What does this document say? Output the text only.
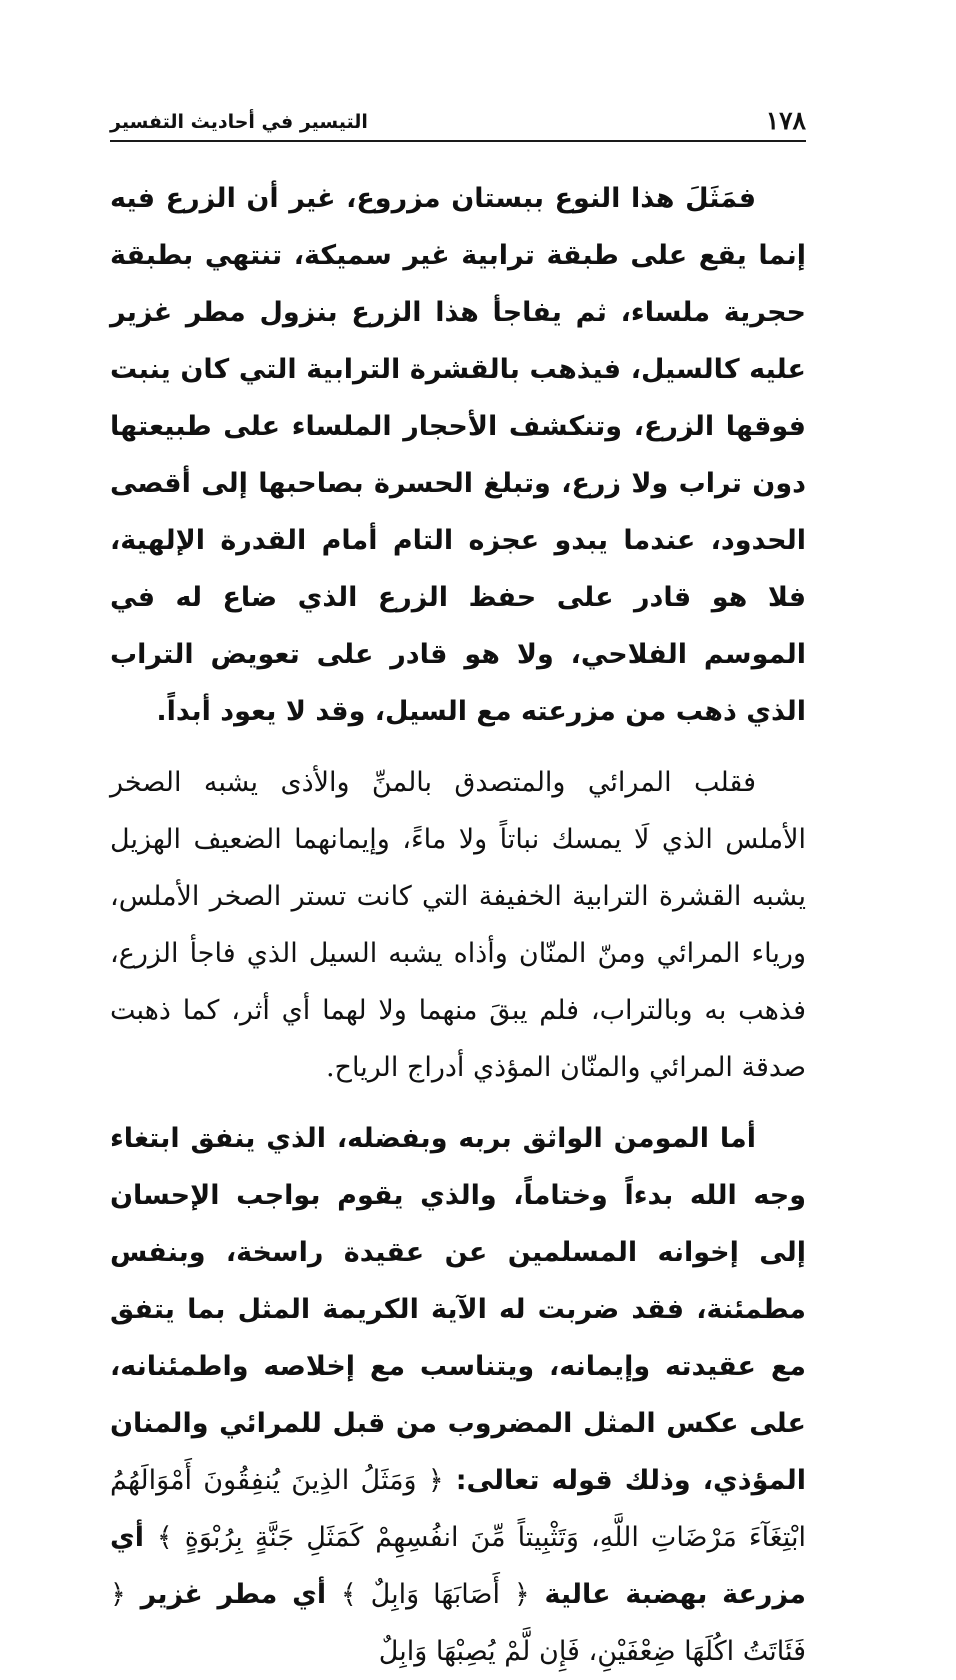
١٧٨
التيسير في أحاديث التفسير

فمَثَلَ هذا النوع ببستان مزروع، غير أن الزرع فيه إنما يقع على طبقة ترابية غير سميكة، تنتهي بطبقة حجرية ملساء، ثم يفاجأ هذا الزرع بنزول مطر غزير عليه كالسيل، فيذهب بالقشرة الترابية التي كان ينبت فوقها الزرع، وتنكشف الأحجار الملساء على طبيعتها دون تراب ولا زرع، وتبلغ الحسرة بصاحبها إلى أقصى الحدود، عندما يبدو عجزه التام أمام القدرة الإلهية، فلا هو قادر على حفظ الزرع الذي ضاع له في الموسم الفلاحي، ولا هو قادر على تعويض التراب الذي ذهب من مزرعته مع السيل، وقد لا يعود أبداً.

فقلب المرائي والمتصدق بالمنِّ والأذى يشبه الصخر الأملس الذي لَا يمسك نباتاً ولا ماءً، وإيمانهما الضعيف الهزيل يشبه القشرة الترابية الخفيفة التي كانت تستر الصخر الأملس، ورياء المرائي ومنّ المنّان وأذاه يشبه السيل الذي فاجأ الزرع، فذهب به وبالتراب، فلم يبقَ منهما ولا لهما أي أثر، كما ذهبت صدقة المرائي والمنّان المؤذي أدراج الرياح.

أما المومن الواثق بربه وبفضله، الذي ينفق ابتغاء وجه الله بدءاً وختاماً، والذي يقوم بواجب الإحسان إلى إخوانه المسلمين عن عقيدة راسخة، وبنفس مطمئنة، فقد ضربت له الآية الكريمة المثل بما يتفق مع عقيدته وإيمانه، ويتناسب مع إخلاصه واطمئنانه، على عكس المثل المضروب من قبل للمرائي والمنان المؤذي، وذلك قوله تعالى: ﴿ وَمَثَلُ الذِينَ يُنفِقُونَ أَمْوَالَهُمُ ابْتِغَآءَ مَرْضَاتِ اللَّهِ، وَتَثْبِيتاً مِّنَ انفُسِهِمْ كَمَثَلِ جَنَّةٍ بِرُبْوَةٍ ﴾ أي مزرعة بهضبة عالية ﴿ أَصَابَهَا وَابِلٌ ﴾ أي مطر غزير ﴿ فَئَاتَتُ اكُلَهَا ضِعْفَيْنِ، فَإِن لَّمْ يُصِبْهَا وَابِلٌ
